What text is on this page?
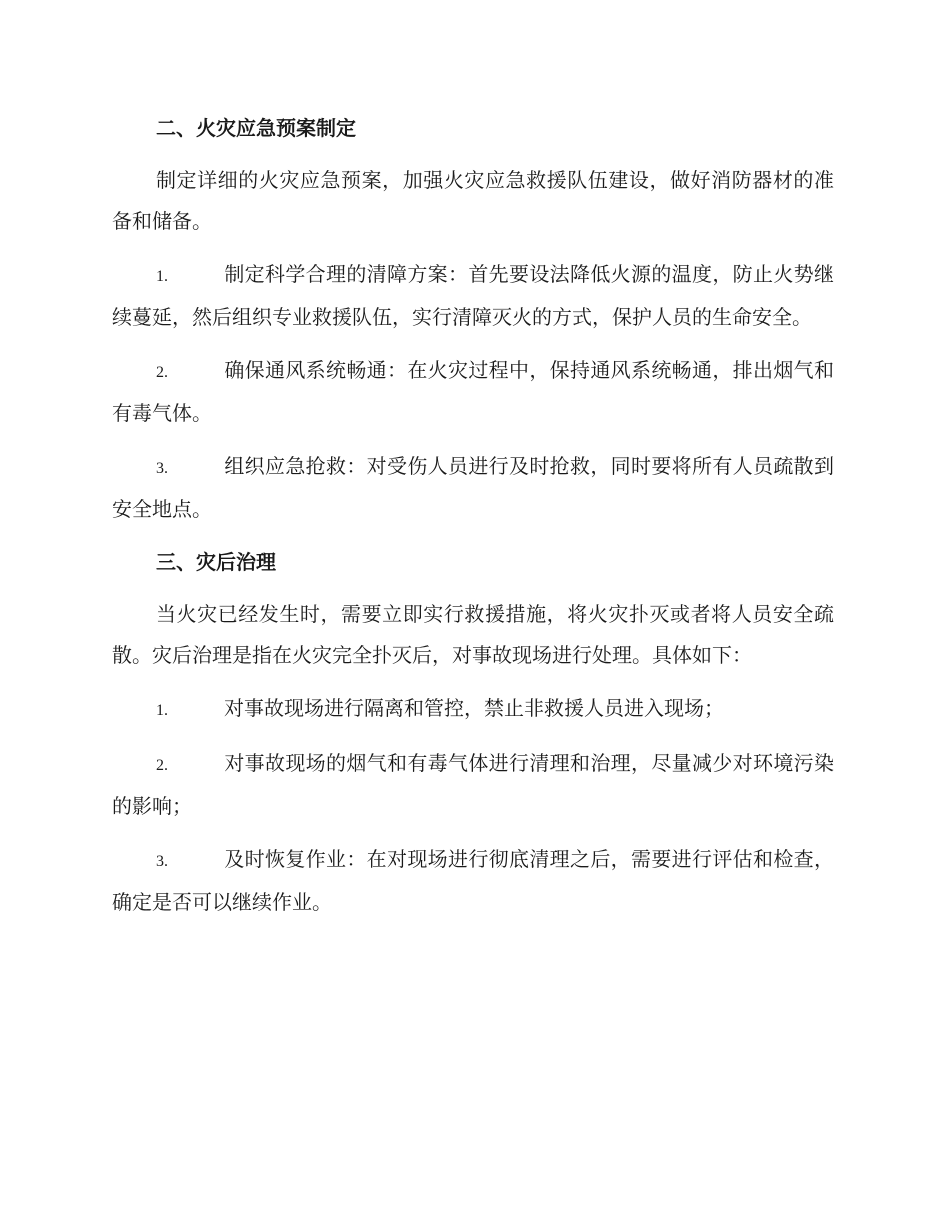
二、火灾应急预案制定
制定详细的火灾应急预案，加强火灾应急救援队伍建设，做好消防器材的准备和储备。
1.	制定科学合理的清障方案：首先要设法降低火源的温度，防止火势继续蔓延，然后组织专业救援队伍，实行清障灭火的方式，保护人员的生命安全。
2.	确保通风系统畅通：在火灾过程中，保持通风系统畅通，排出烟气和有毒气体。
3.	组织应急抢救：对受伤人员进行及时抢救，同时要将所有人员疏散到安全地点。
三、灾后治理
当火灾已经发生时，需要立即实行救援措施，将火灾扑灭或者将人员安全疏散。灾后治理是指在火灾完全扑灭后，对事故现场进行处理。具体如下：
1.	对事故现场进行隔离和管控，禁止非救援人员进入现场；
2.	对事故现场的烟气和有毒气体进行清理和治理，尽量减少对环境污染的影响；
3.	及时恢复作业：在对现场进行彻底清理之后，需要进行评估和检查，确定是否可以继续作业。
